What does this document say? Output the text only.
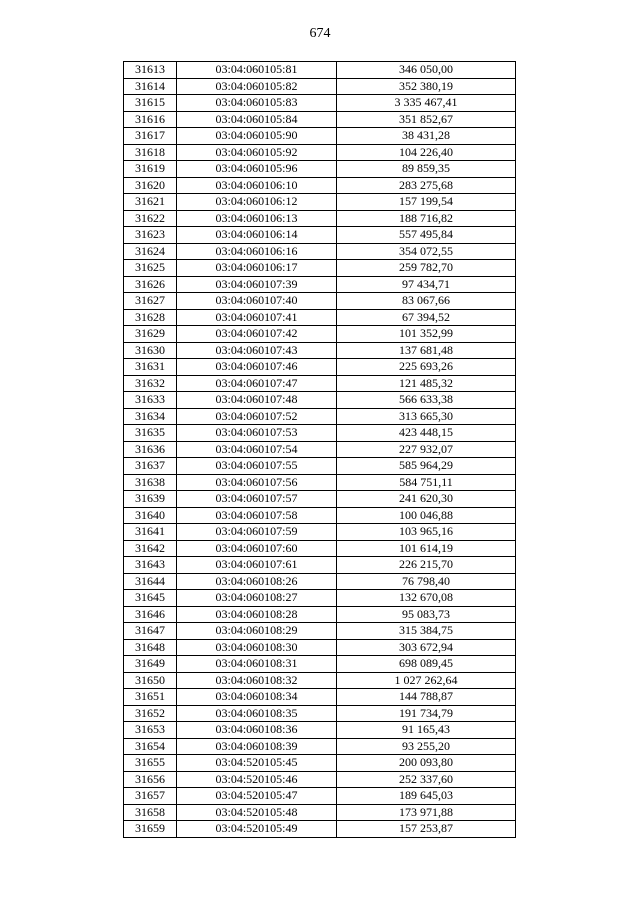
674
31613	03:04:060105:81	346 050,00
31614	03:04:060105:82	352 380,19
31615	03:04:060105:83	3 335 467,41
31616	03:04:060105:84	351 852,67
31617	03:04:060105:90	38 431,28
31618	03:04:060105:92	104 226,40
31619	03:04:060105:96	89 859,35
31620	03:04:060106:10	283 275,68
31621	03:04:060106:12	157 199,54
31622	03:04:060106:13	188 716,82
31623	03:04:060106:14	557 495,84
31624	03:04:060106:16	354 072,55
31625	03:04:060106:17	259 782,70
31626	03:04:060107:39	97 434,71
31627	03:04:060107:40	83 067,66
31628	03:04:060107:41	67 394,52
31629	03:04:060107:42	101 352,99
31630	03:04:060107:43	137 681,48
31631	03:04:060107:46	225 693,26
31632	03:04:060107:47	121 485,32
31633	03:04:060107:48	566 633,38
31634	03:04:060107:52	313 665,30
31635	03:04:060107:53	423 448,15
31636	03:04:060107:54	227 932,07
31637	03:04:060107:55	585 964,29
31638	03:04:060107:56	584 751,11
31639	03:04:060107:57	241 620,30
31640	03:04:060107:58	100 046,88
31641	03:04:060107:59	103 965,16
31642	03:04:060107:60	101 614,19
31643	03:04:060107:61	226 215,70
31644	03:04:060108:26	76 798,40
31645	03:04:060108:27	132 670,08
31646	03:04:060108:28	95 083,73
31647	03:04:060108:29	315 384,75
31648	03:04:060108:30	303 672,94
31649	03:04:060108:31	698 089,45
31650	03:04:060108:32	1 027 262,64
31651	03:04:060108:34	144 788,87
31652	03:04:060108:35	191 734,79
31653	03:04:060108:36	91 165,43
31654	03:04:060108:39	93 255,20
31655	03:04:520105:45	200 093,80
31656	03:04:520105:46	252 337,60
31657	03:04:520105:47	189 645,03
31658	03:04:520105:48	173 971,88
31659	03:04:520105:49	157 253,87
